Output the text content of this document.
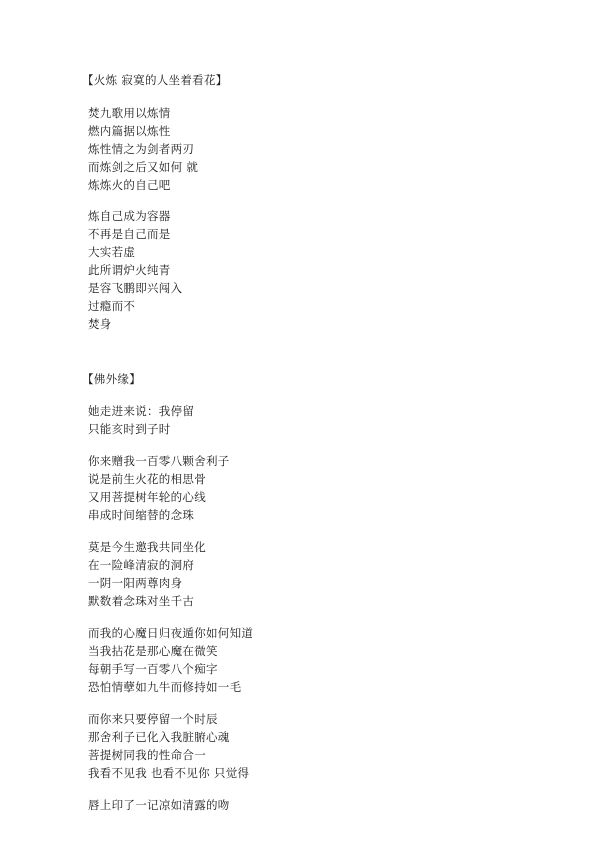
【火炼 寂寞的人坐着看花】
焚九歌用以炼情
燃内篇据以炼性
炼性情之为剑者两刃
而炼剑之后又如何 就
炼炼火的自己吧
炼自己成为容器
不再是自己而是
大实若虚
此所谓炉火纯青
是容飞鹏即兴闯入
过瘾而不
焚身
【佛外缘】
她走进来说：我停留
只能亥时到子时
你来赠我一百零八颗舍利子
说是前生火花的相思骨
又用菩提树年轮的心线
串成时间缩替的念珠
莫是今生邀我共同坐化
在一险峰清寂的洞府
一阴一阳两尊肉身
默数着念珠对坐千古
而我的心魔日归夜遁你如何知道
当我拈花是那心魔在微笑
每朝手写一百零八个痴字
恐怕情孽如九牛而修持如一毛
而你来只要停留一个时辰
那舍利子已化入我脏腑心魂
菩提树同我的性命合一
我看不见我 也看不见你 只觉得
唇上印了一记凉如清露的吻
